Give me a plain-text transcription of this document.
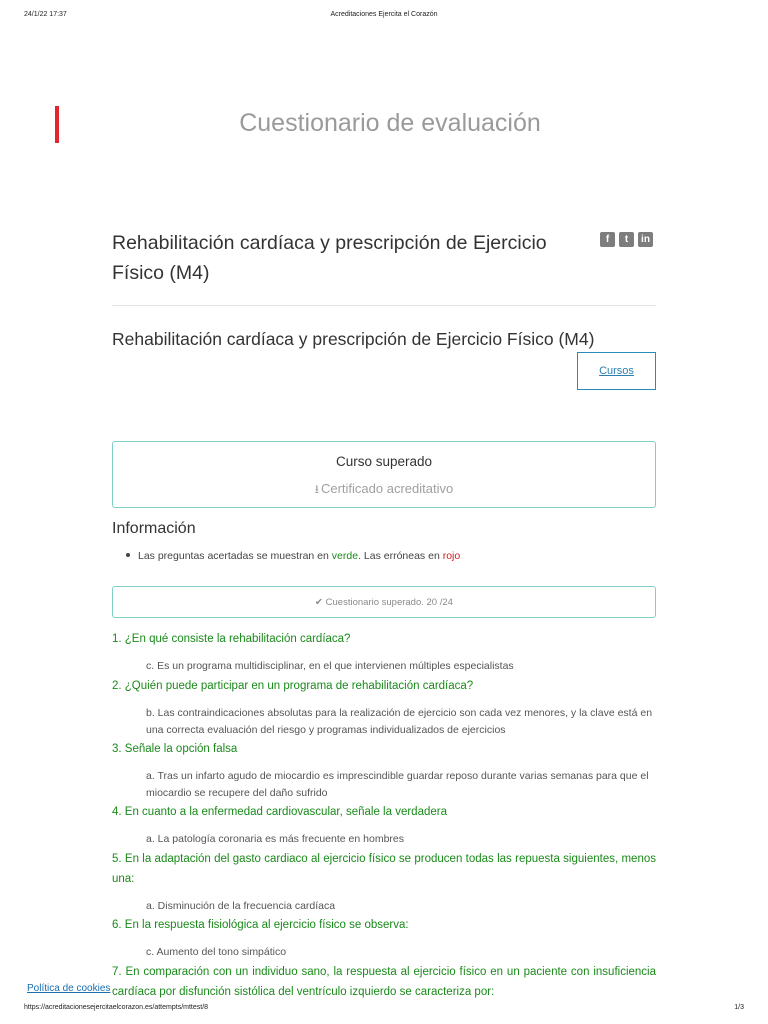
24/1/22 17:37	Acreditaciones Ejercita el Corazón
Cuestionario de evaluación
Rehabilitación cardíaca y prescripción de Ejercicio Físico (M4)
f	t	in
Rehabilitación cardíaca y prescripción de Ejercicio Físico (M4)
Cursos
Curso superado
⭳ Certificado acreditativo
Información
Las preguntas acertadas se muestran en verde. Las erróneas en rojo
✔ Cuestionario superado. 20 /24
1. ¿En qué consiste la rehabilitación cardíaca?
c. Es un programa multidisciplinar, en el que intervienen múltiples especialistas
2. ¿Quién puede participar en un programa de rehabilitación cardíaca?
b. Las contraindicaciones absolutas para la realización de ejercicio son cada vez menores, y la clave está en una correcta evaluación del riesgo y programas individualizados de ejercicios
3. Señale la opción falsa
a. Tras un infarto agudo de miocardio es imprescindible guardar reposo durante varias semanas para que el miocardio se recupere del daño sufrido
4. En cuanto a la enfermedad cardiovascular, señale la verdadera
a. La patología coronaria es más frecuente en hombres
5. En la adaptación del gasto cardiaco al ejercicio físico se producen todas las repuesta siguientes, menos una:
a. Disminución de la frecuencia cardíaca
6. En la respuesta fisiológica al ejercicio físico se observa:
c. Aumento del tono simpático
7. En comparación con un individuo sano, la respuesta al ejercicio físico en un paciente con insuficiencia cardíaca por disfunción sistólica del ventrículo izquierdo se caracteriza por:
Política de cookies
https://acreditacionesejercitaelcorazon.es/attempts/mttest/8	1/3
